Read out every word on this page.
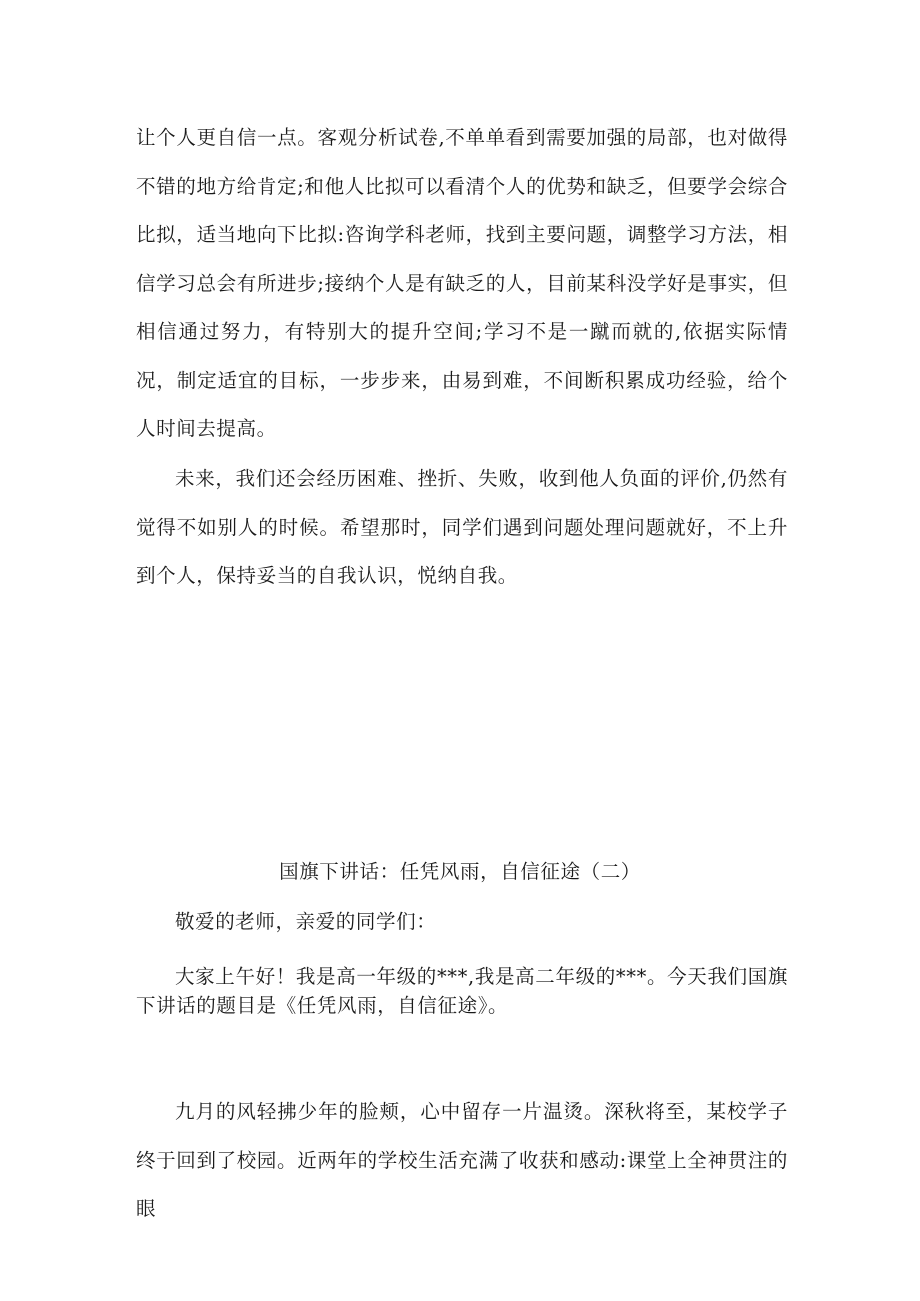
让个人更自信一点。客观分析试卷,不单单看到需要加强的局部，也对做得不错的地方给肯定;和他人比拟可以看清个人的优势和缺乏，但要学会综合比拟，适当地向下比拟:咨询学科老师，找到主要问题，调整学习方法，相信学习总会有所进步;接纳个人是有缺乏的人，目前某科没学好是事实，但相信通过努力，有特别大的提升空间;学习不是一蹴而就的,依据实际情况，制定适宜的目标，一步步来，由易到难，不间断积累成功经验，给个人时间去提高。

未来，我们还会经历困难、挫折、失败，收到他人负面的评价,仍然有觉得不如别人的时候。希望那时，同学们遇到问题处理问题就好，不上升到个人，保持妥当的自我认识，悦纳自我。

国旗下讲话：任凭风雨，自信征途（二）

敬爱的老师，亲爱的同学们：

大家上午好！我是高一年级的***,我是高二年级的***。今天我们国旗下讲话的题目是《任凭风雨，自信征途》。

九月的风轻拂少年的脸颊，心中留存一片温烫。深秋将至，某校学子终于回到了校园。近两年的学校生活充满了收获和感动:课堂上全神贯注的眼
